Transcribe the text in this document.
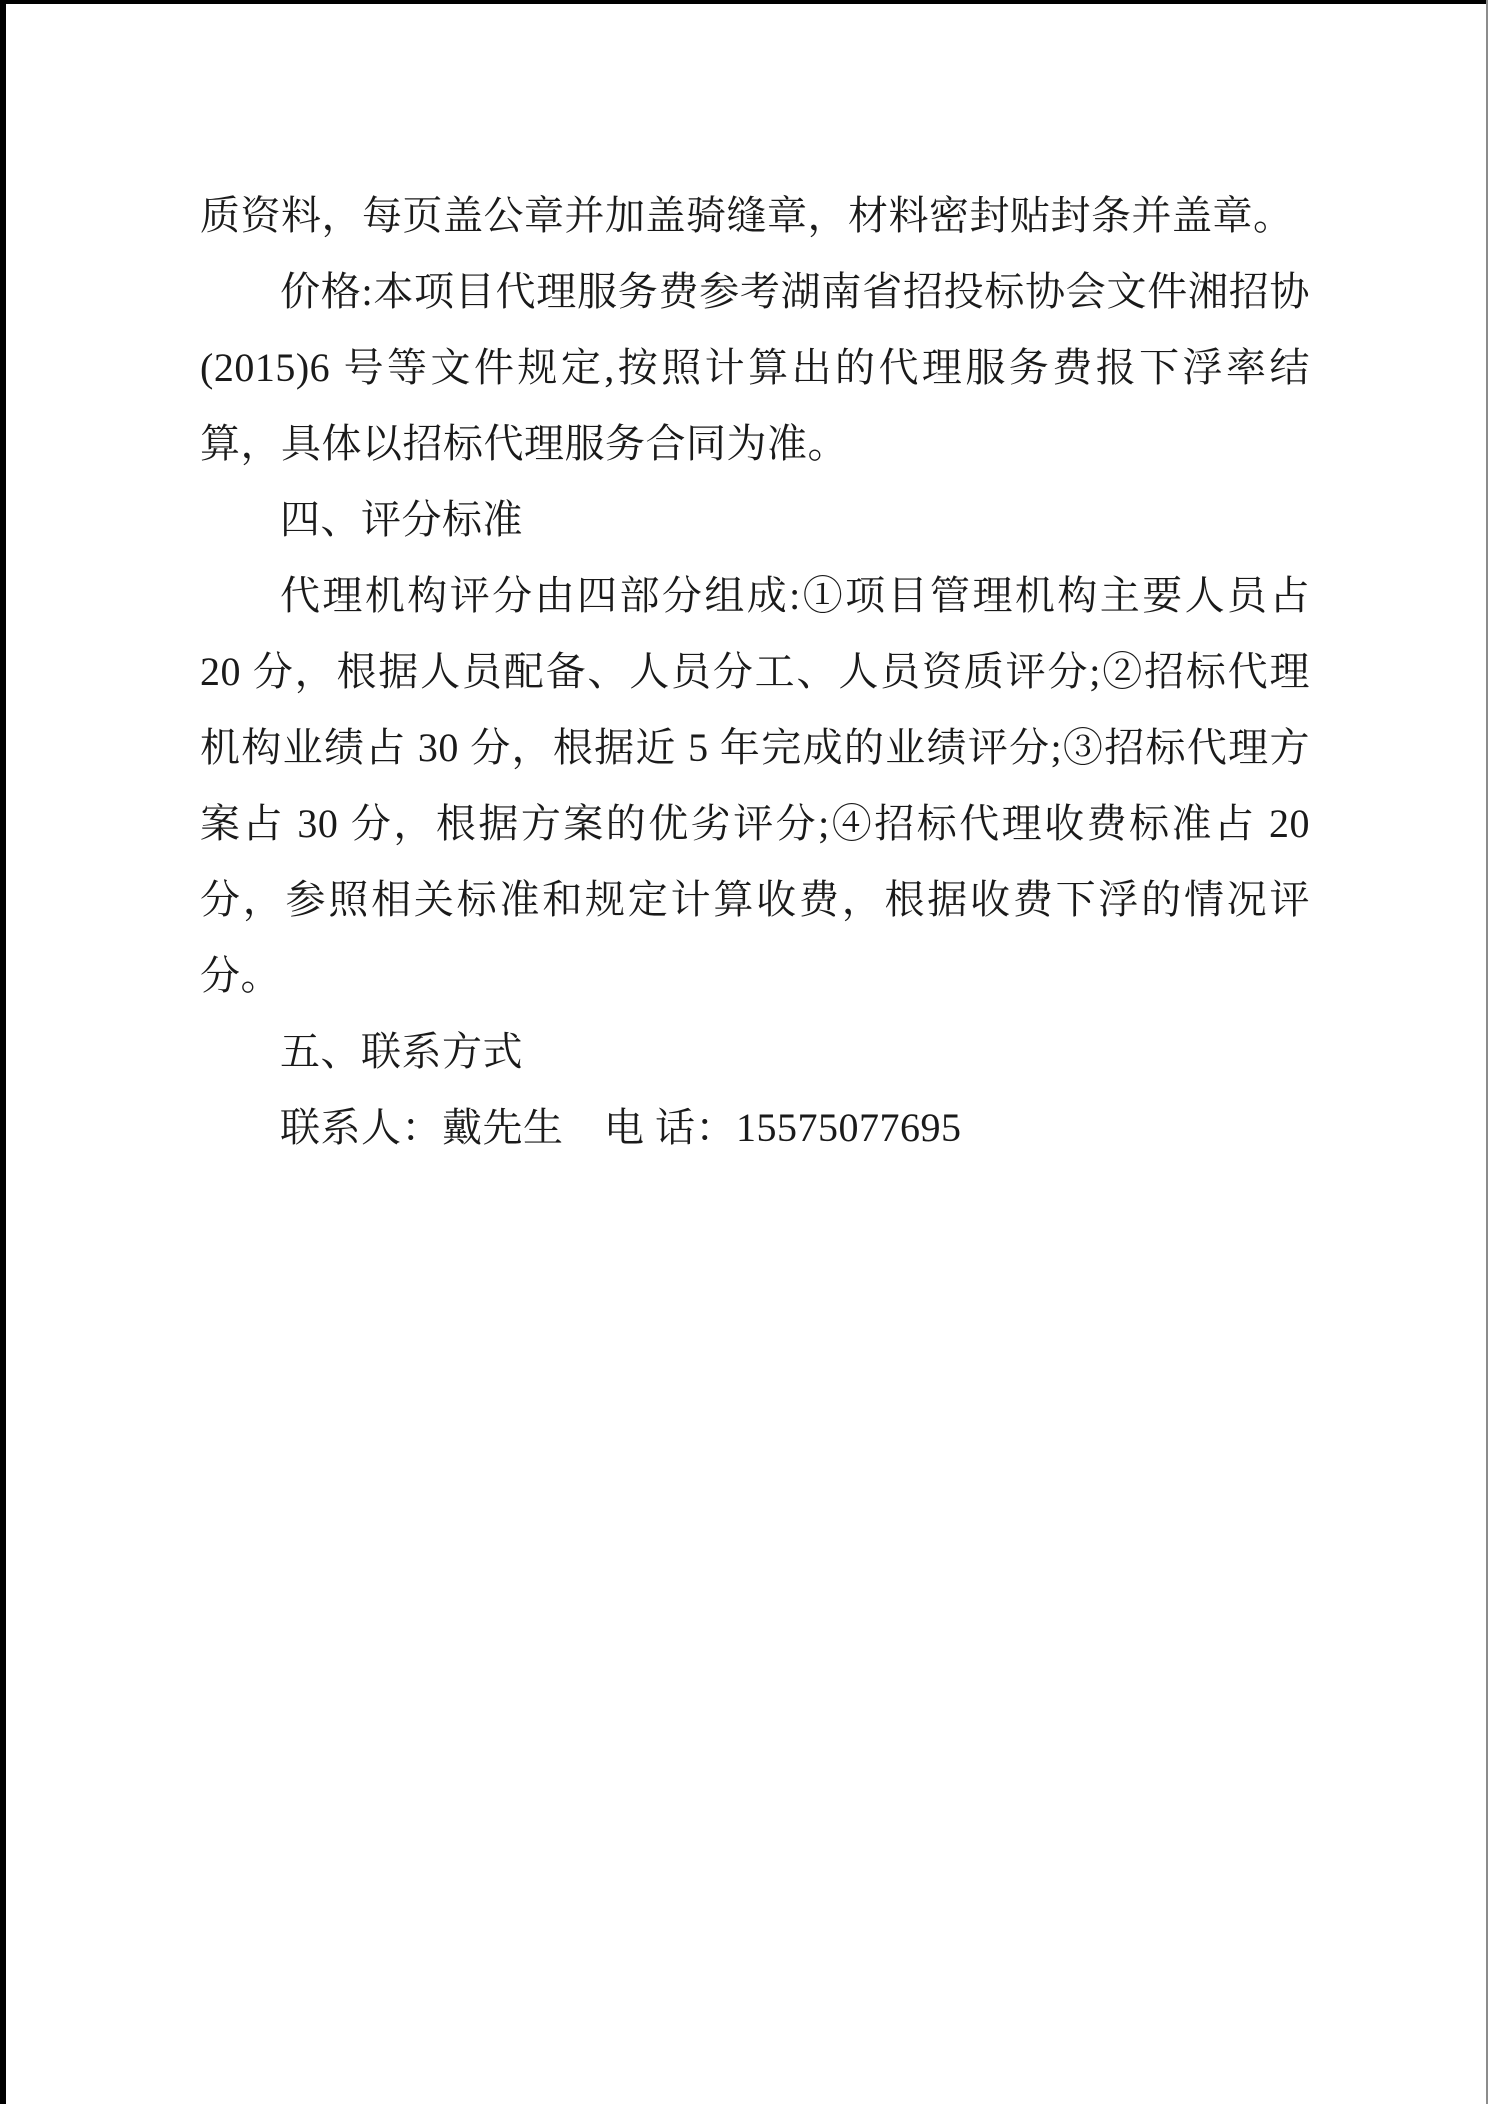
质资料，每页盖公章并加盖骑缝章，材料密封贴封条并盖章。

价格:本项目代理服务费参考湖南省招投标协会文件湘招协(2015)6 号等文件规定,按照计算出的代理服务费报下浮率结算，具体以招标代理服务合同为准。

四、评分标准

代理机构评分由四部分组成:①项目管理机构主要人员占 20 分，根据人员配备、人员分工、人员资质评分;②招标代理机构业绩占 30 分，根据近 5 年完成的业绩评分;③招标代理方案占 30 分，根据方案的优劣评分;④招标代理收费标准占 20 分，参照相关标准和规定计算收费，根据收费下浮的情况评分。

五、联系方式

联系人：戴先生　电 话：15575077695
